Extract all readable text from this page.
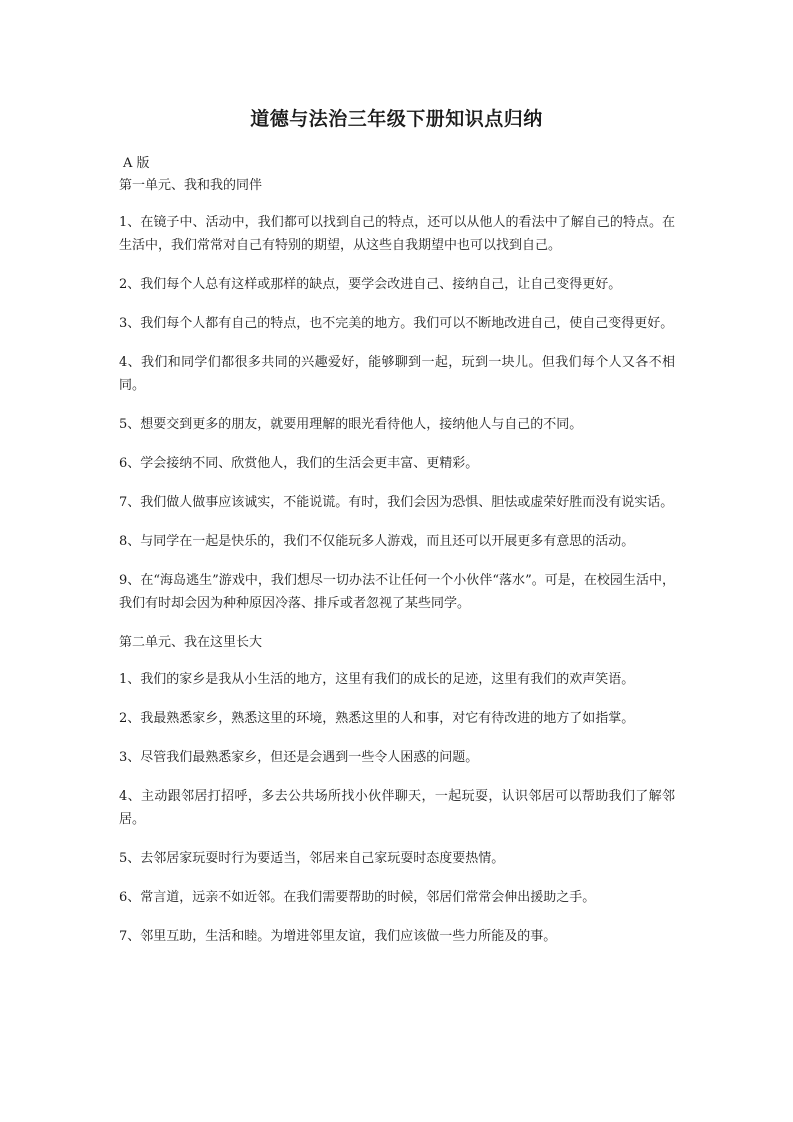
道德与法治三年级下册知识点归纳
A 版
第一单元、我和我的同伴
1、在镜子中、活动中，我们都可以找到自己的特点，还可以从他人的看法中了解自己的特点。在生活中，我们常常对自己有特别的期望，从这些自我期望中也可以找到自己。
2、我们每个人总有这样或那样的缺点，要学会改进自己、接纳自己，让自己变得更好。
3、我们每个人都有自己的特点，也不完美的地方。我们可以不断地改进自己，使自己变得更好。
4、我们和同学们都很多共同的兴趣爱好，能够聊到一起，玩到一块儿。但我们每个人又各不相同。
5、想要交到更多的朋友，就要用理解的眼光看待他人，接纳他人与自己的不同。
6、学会接纳不同、欣赏他人，我们的生活会更丰富、更精彩。
7、我们做人做事应该诚实，不能说谎。有时，我们会因为恐惧、胆怯或虚荣好胜而没有说实话。
8、与同学在一起是快乐的，我们不仅能玩多人游戏，而且还可以开展更多有意思的活动。
9、在“海岛逃生”游戏中，我们想尽一切办法不让任何一个小伙伴“落水”。可是，在校园生活中，我们有时却会因为种种原因冷落、排斥或者忽视了某些同学。
第二单元、我在这里长大
1、我们的家乡是我从小生活的地方，这里有我们的成长的足迹，这里有我们的欢声笑语。
2、我最熟悉家乡，熟悉这里的环境，熟悉这里的人和事，对它有待改进的地方了如指掌。
3、尽管我们最熟悉家乡，但还是会遇到一些令人困惑的问题。
4、主动跟邻居打招呼，多去公共场所找小伙伴聊天，一起玩耍，认识邻居可以帮助我们了解邻居。
5、去邻居家玩耍时行为要适当，邻居来自己家玩耍时态度要热情。
6、常言道，远亲不如近邻。在我们需要帮助的时候，邻居们常常会伸出援助之手。
7、邻里互助，生活和睦。为增进邻里友谊，我们应该做一些力所能及的事。
